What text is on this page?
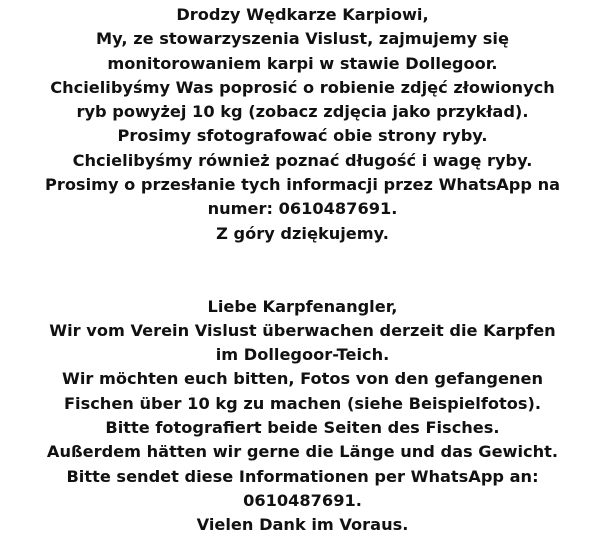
Drodzy Wędkarze Karpiowi,
My, ze stowarzyszenia Vislust, zajmujemy się
monitorowaniem karpi w stawie Dollegoor.
Chcielibyśmy Was poprosić o robienie zdjęć złowionych
ryb powyżej 10 kg (zobacz zdjęcia jako przykład).
Prosimy sfotografować obie strony ryby.
Chcielibyśmy również poznać długość i wagę ryby.
Prosimy o przesłanie tych informacji przez WhatsApp na
numer: 0610487691.
Z góry dziękujemy.
Liebe Karpfenangler,
Wir vom Verein Vislust überwachen derzeit die Karpfen
im Dollegoor-Teich.
Wir möchten euch bitten, Fotos von den gefangenen
Fischen über 10 kg zu machen (siehe Beispielfotos).
Bitte fotografiert beide Seiten des Fisches.
Außerdem hätten wir gerne die Länge und das Gewicht.
Bitte sendet diese Informationen per WhatsApp an:
0610487691.
Vielen Dank im Voraus.
